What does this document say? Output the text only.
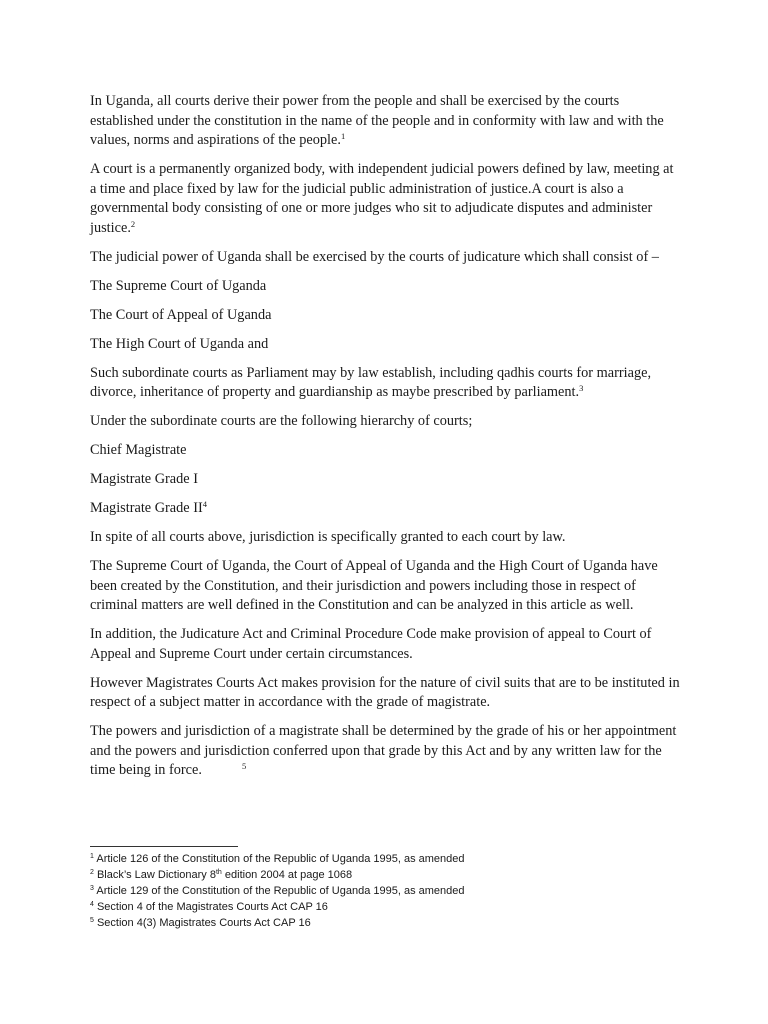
In Uganda, all courts derive their power from the people and shall be exercised by the courts established under the constitution in the name of the people and in conformity with law and with the values, norms and aspirations of the people.$^1$

A court is a permanently organized body, with independent judicial powers defined by law, meeting at a time and place fixed by law for the judicial public administration of justice.A court is also a governmental body consisting of one or more judges who sit to adjudicate disputes and administer justice.$^2$

The judicial power of Uganda shall be exercised by the courts of judicature which shall consist of –

The Supreme Court of Uganda

The Court of Appeal of Uganda

The High Court of Uganda and

Such subordinate courts as Parliament may by law establish, including qadhis courts for marriage, divorce, inheritance of property and guardianship as maybe prescribed by parliament.$^3$

Under the subordinate courts are the following hierarchy of courts;

Chief Magistrate

Magistrate Grade I

Magistrate Grade $II^4$

In spite of all courts above, jurisdiction is specifically granted to each court by law.

The Supreme Court of Uganda, the Court of Appeal of Uganda and the High Court of Uganda have been created by the Constitution, and their jurisdiction and powers including those in respect of criminal matters are well defined in the Constitution and can be analyzed in this article as well.

In addition, the Judicature Act and Criminal Procedure Code make provision of appeal to Court of Appeal and Supreme Court under certain circumstances.

However Magistrates Courts Act makes provision for the nature of civil suits that are to be instituted in respect of a subject matter in accordance with the grade of magistrate.

The powers and jurisdiction of a magistrate shall be determined by the grade of his or her appointment and the powers and jurisdiction conferred upon that grade by this Act and by any written law for the time being in force.	$^5$

$^1$ Article 126 of the Constitution of the Republic of Uganda 1995, as amended
$^2$ Black’s Law Dictionary 8th edition 2004 at page 1068
$^3$ Article 129 of the Constitution of the Republic of Uganda 1995, as amended
$^4$ Section 4 of the Magistrates Courts Act CAP 16
$^5$ Section 4(3) Magistrates Courts Act CAP 16
